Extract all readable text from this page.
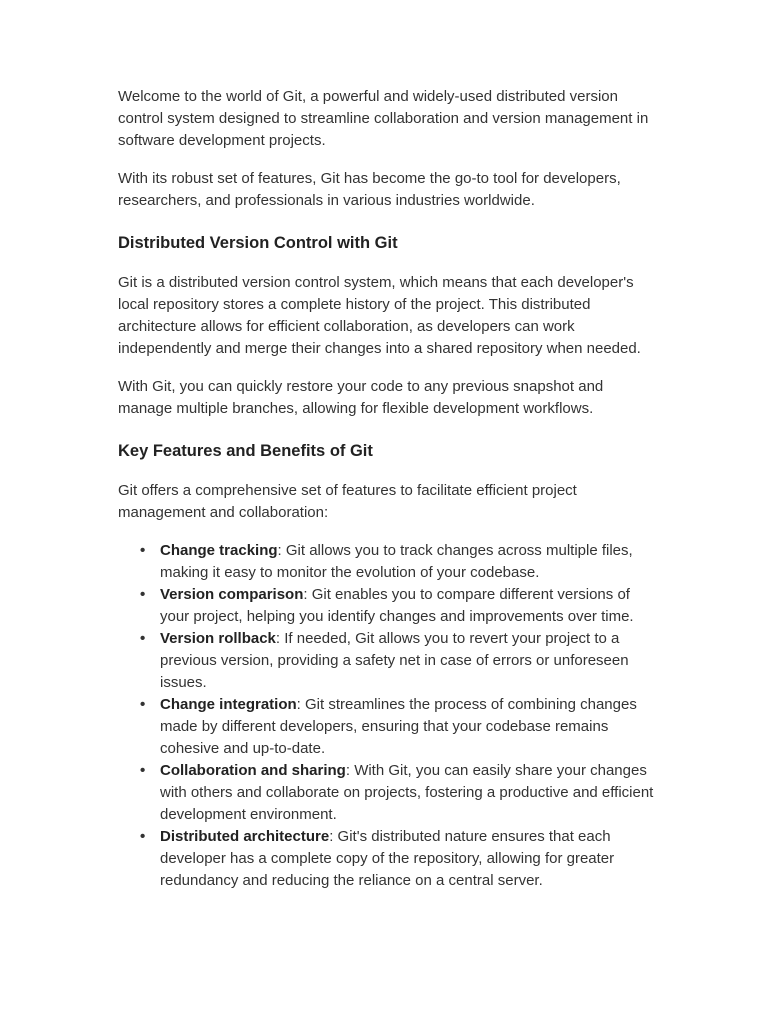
Welcome to the world of Git, a powerful and widely-used distributed version control system designed to streamline collaboration and version management in software development projects.

With its robust set of features, Git has become the go-to tool for developers, researchers, and professionals in various industries worldwide.

Distributed Version Control with Git

Git is a distributed version control system, which means that each developer's local repository stores a complete history of the project. This distributed architecture allows for efficient collaboration, as developers can work independently and merge their changes into a shared repository when needed.

With Git, you can quickly restore your code to any previous snapshot and manage multiple branches, allowing for flexible development workflows.

Key Features and Benefits of Git

Git offers a comprehensive set of features to facilitate efficient project management and collaboration:

• Change tracking: Git allows you to track changes across multiple files, making it easy to monitor the evolution of your codebase.
• Version comparison: Git enables you to compare different versions of your project, helping you identify changes and improvements over time.
• Version rollback: If needed, Git allows you to revert your project to a previous version, providing a safety net in case of errors or unforeseen issues.
• Change integration: Git streamlines the process of combining changes made by different developers, ensuring that your codebase remains cohesive and up-to-date.
• Collaboration and sharing: With Git, you can easily share your changes with others and collaborate on projects, fostering a productive and efficient development environment.
• Distributed architecture: Git's distributed nature ensures that each developer has a complete copy of the repository, allowing for greater redundancy and reducing the reliance on a central server.
